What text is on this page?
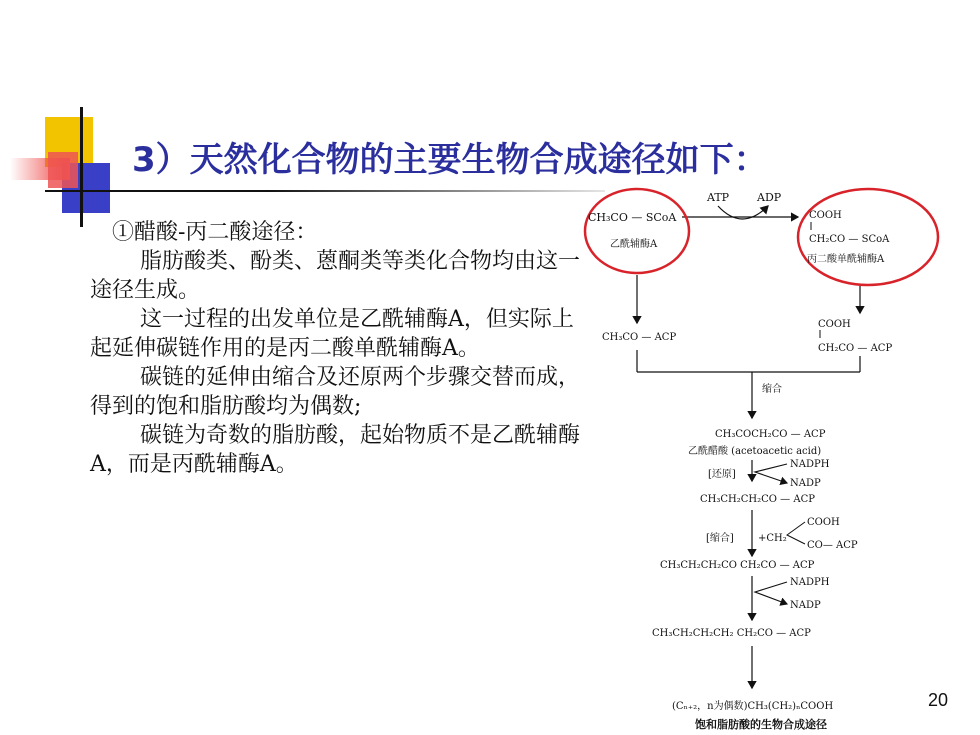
3）天然化合物的主要生物合成途径如下：

①醋酸-丙二酸途径：

脂肪酸类、酚类、蒽酮类等类化合物均由这一途径生成。

这一过程的出发单位是乙酰辅酶A，但实际上起延伸碳链作用的是丙二酸单酰辅酶A。

碳链的延伸由缩合及还原两个步骤交替而成，得到的饱和脂肪酸均为偶数;

碳链为奇数的脂肪酸，起始物质不是乙酰辅酶A，而是丙酰辅酶A。

ATP	ADP
CH₃CO — SCoA
乙酰辅酶A
COOH
CH₂CO — SCoA
丙二酸单酰辅酶A
CH₃CO — ACP
COOH
CH₂CO — ACP
缩合
CH₃COCH₂CO — ACP
乙酰醋酸 (acetoacetic acid)
[还原]
NADPH
NADP
CH₃CH₂CH₂CO — ACP
[缩合] +CH₂
COOH
CO— ACP
CH₃CH₂CH₂CO CH₂CO — ACP
NADPH
NADP
CH₃CH₂CH₂CH₂ CH₂CO — ACP
(Cₙ₊₂，n为偶数)CH₃(CH₂)ₙCOOH
饱和脂肪酸的生物合成途径
20
